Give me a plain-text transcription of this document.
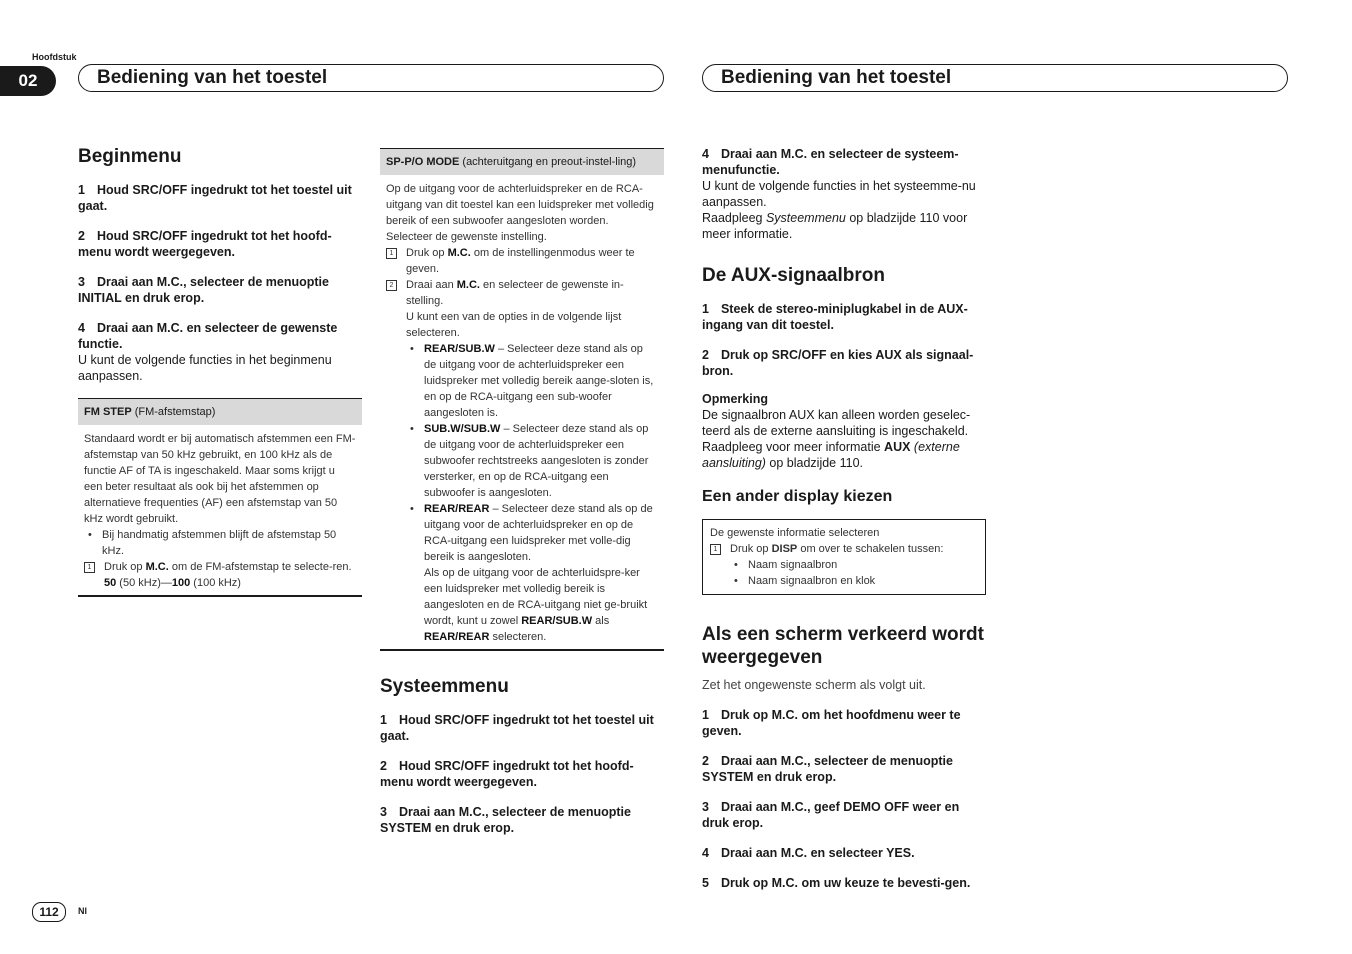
Hoofdstuk
02	Bediening van het toestel	Bediening van het toestel
Beginmenu
1 Houd SRC/OFF ingedrukt tot het toestel uit gaat.
2 Houd SRC/OFF ingedrukt tot het hoofd-menu wordt weergegeven.
3 Draai aan M.C., selecteer de menuoptie INITIAL en druk erop.
4 Draai aan M.C. en selecteer de gewenste functie.

U kunt de volgende functies in het beginmenu aanpassen.

FM STEP (FM-afstemstap)

Standaard wordt er bij automatisch afstemmen een FM-afstemstap van 50 kHz gebruikt, en 100 kHz als de functie AF of TA is ingeschakeld. Maar soms krijgt u een beter resultaat als ook bij het afstemmen op alternatieve frequenties (AF) een afstemstap van 50 kHz wordt gebruikt.

• Bij handmatig afstemmen blijft de afstemstap 50 kHz.
1	Druk op M.C. om de FM-afstemstap te selecte-ren.
50 (50 kHz)—100 (100 kHz)
SP-P/O MODE (achteruitgang en preout-instel-ling)

Op de uitgang voor de achterluidspreker en de RCA-uitgang van dit toestel kan een luidspreker met volledig bereik of een subwoofer aangesloten worden. Selecteer de gewenste instelling.

1	Druk op M.C. om de instellingenmodus weer te geven.
2	Draai aan M.C. en selecteer de gewenste in-stelling.
U kunt een van de opties in de volgende lijst selecteren.
• REAR/SUB.W – Selecteer deze stand als op de uitgang voor de achterluidspreker een luidspreker met volledig bereik aange-sloten is, en op de RCA-uitgang een sub-woofer aangesloten is.
• SUB.W/SUB.W – Selecteer deze stand als op de uitgang voor de achterluidspreker een subwoofer rechtstreeks aangesloten is zonder versterker, en op de RCA-uitgang een subwoofer is aangesloten.
• REAR/REAR – Selecteer deze stand als op de uitgang voor de achterluidspreker en op de RCA-uitgang een luidspreker met volle-dig bereik is aangesloten.
Als op de uitgang voor de achterluidspre-ker een luidspreker met volledig bereik is aangesloten en de RCA-uitgang niet ge-bruikt wordt, kunt u zowel REAR/SUB.W als REAR/REAR selecteren.
Systeemmenu
1 Houd SRC/OFF ingedrukt tot het toestel uit gaat.
2 Houd SRC/OFF ingedrukt tot het hoofd-menu wordt weergegeven.
3 Draai aan M.C., selecteer de menuoptie SYSTEM en druk erop.
4 Draai aan M.C. en selecteer de systeem-menufunctie.

U kunt de volgende functies in het systeemme-nu aanpassen.

Raadpleeg Systeemmenu op bladzijde 110 voor meer informatie.

De AUX-signaalbron
1 Steek de stereo-miniplugkabel in de AUX-ingang van dit toestel.
2 Druk op SRC/OFF en kies AUX als signaal-bron.

Opmerking

De signaalbron AUX kan alleen worden geselec-teerd als de externe aansluiting is ingeschakeld.

Raadpleeg voor meer informatie AUX (externe aansluiting) op bladzijde 110.

Een ander display kiezen
De gewenste informatie selecteren
1	Druk op DISP om over te schakelen tussen:
• Naam signaalbron
• Naam signaalbron en klok
Als een scherm verkeerd wordt weergegeven

Zet het ongewenste scherm als volgt uit.

1 Druk op M.C. om het hoofdmenu weer te geven.
2 Draai aan M.C., selecteer de menuoptie SYSTEM en druk erop.
3 Draai aan M.C., geef DEMO OFF weer en druk erop.
4 Draai aan M.C. en selecteer YES.
5 Druk op M.C. om uw keuze te bevesti-gen.
112	Nl
